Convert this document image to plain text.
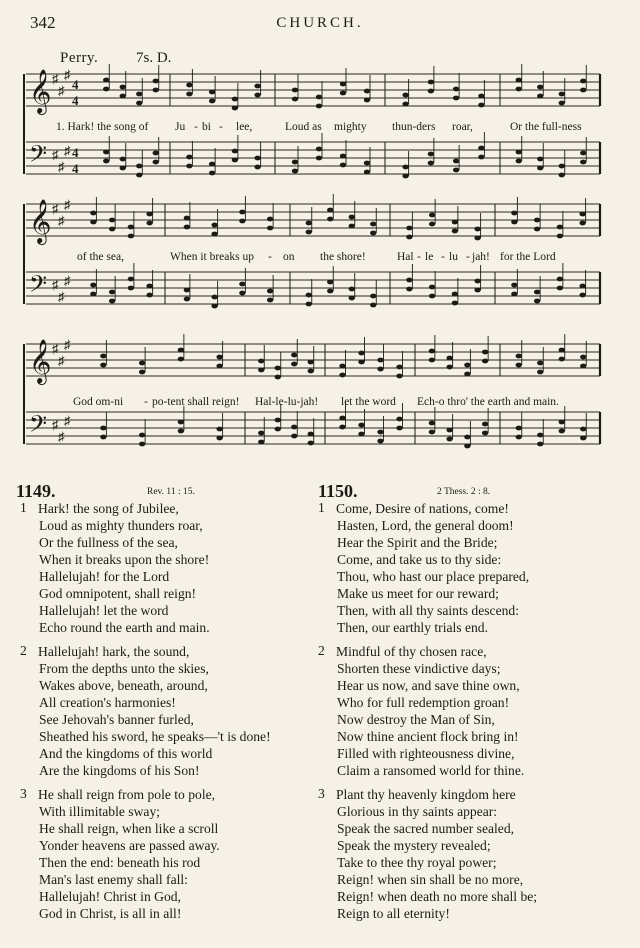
342	CHURCH.
Perry.	7s. D.
𝄞 ♯
♯
♯
4
4
𝄢 ♯
♯
♯ 4
4
𝄞 ♯
♯
♯
𝄢 ♯
♯
♯
𝄞 ♯
♯
♯
𝄢 ♯
♯
♯
1. Hark! the song of Ju - bi - lee,	Loud as mighty thun-ders roar,	Or the full-ness
of the sea,	When it breaks up - on the shore!	Hal - le - lu - jah! for the Lord
God om-ni - po-tent shall reign! Hal-le-lu-jah! let the word Ech-o thro' the earth and main.
1149.	Rev. 11 : 15.	1150.	2 Thess. 2 : 8.
1 Hark! the song of Jubilee,
Loud as mighty thunders roar,
Or the fullness of the sea,
When it breaks upon the shore!
Hallelujah! for the Lord
God omnipotent, shall reign!
Hallelujah! let the word
Echo round the earth and main.
2 Hallelujah! hark, the sound,
From the depths unto the skies,
Wakes above, beneath, around,
All creation's harmonies!
See Jehovah's banner furled,
Sheathed his sword, he speaks—'t is done!
And the kingdoms of this world
Are the kingdoms of his Son!
3 He shall reign from pole to pole,
With illimitable sway;
He shall reign, when like a scroll
Yonder heavens are passed away.
Then the end: beneath his rod
Man's last enemy shall fall:
Hallelujah! Christ in God,
God in Christ, is all in all!
1 Come, Desire of nations, come!
Hasten, Lord, the general doom!
Hear the Spirit and the Bride;
Come, and take us to thy side:
Thou, who hast our place prepared,
Make us meet for our reward;
Then, with all thy saints descend:
Then, our earthly trials end.
2 Mindful of thy chosen race,
Shorten these vindictive days;
Hear us now, and save thine own,
Who for full redemption groan!
Now destroy the Man of Sin,
Now thine ancient flock bring in!
Filled with righteousness divine,
Claim a ransomed world for thine.
3 Plant thy heavenly kingdom here
Glorious in thy saints appear:
Speak the sacred number sealed,
Speak the mystery revealed;
Take to thee thy royal power;
Reign! when sin shall be no more,
Reign! when death no more shall be;
Reign to all eternity!
